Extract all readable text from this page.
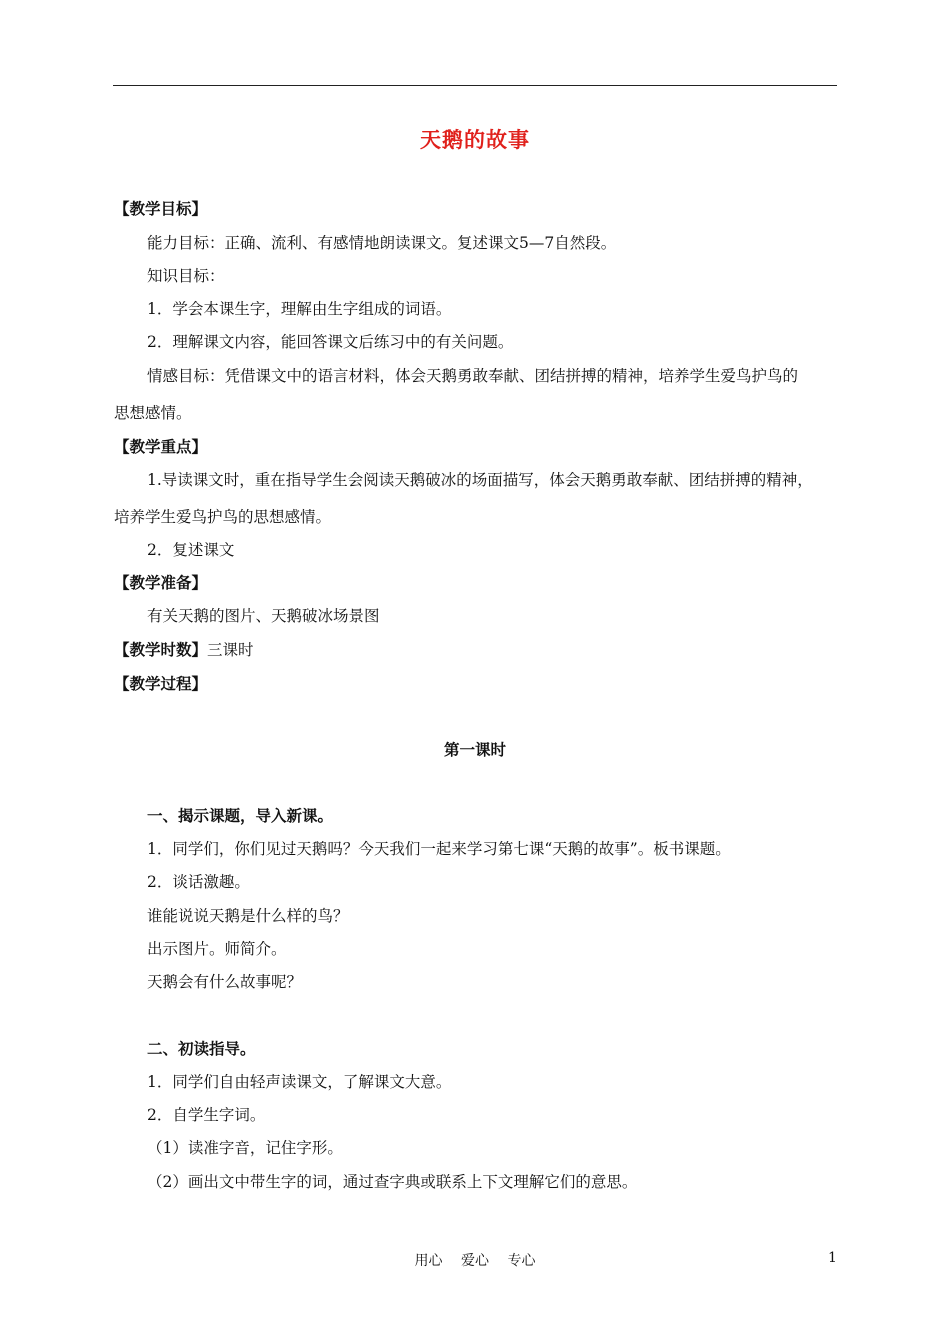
天鹅的故事
【教学目标】
能力目标：正确、流利、有感情地朗读课文。复述课文5—7自然段。
知识目标：
1．学会本课生字，理解由生字组成的词语。
2．理解课文内容，能回答课文后练习中的有关问题。
情感目标：凭借课文中的语言材料，体会天鹅勇敢奉献、团结拼搏的精神，培养学生爱鸟护鸟的
思想感情。
【教学重点】
1.导读课文时，重在指导学生会阅读天鹅破冰的场面描写，体会天鹅勇敢奉献、团结拼搏的精神，
培养学生爱鸟护鸟的思想感情。
2．复述课文
【教学准备】
有关天鹅的图片、天鹅破冰场景图
【教学时数】三课时
【教学过程】
第一课时
一、揭示课题，导入新课。
1．同学们，你们见过天鹅吗？今天我们一起来学习第七课“天鹅的故事”。板书课题。
2．谈话激趣。
谁能说说天鹅是什么样的鸟？
出示图片。师简介。
天鹅会有什么故事呢？
二、初读指导。
1．同学们自由轻声读课文，了解课文大意。
2．自学生字词。
（1）读准字音，记住字形。
（2）画出文中带生字的词，通过查字典或联系上下文理解它们的意思。
用心 爱心 专心	1
